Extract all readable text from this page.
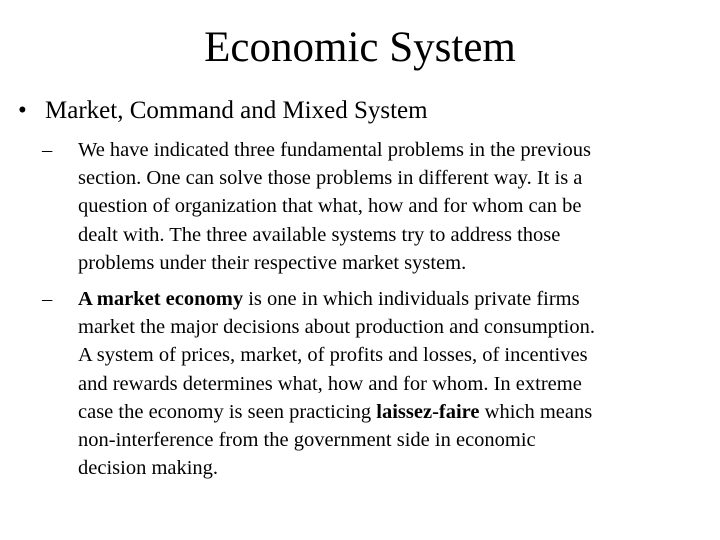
Economic System
• Market, Command and Mixed System
– We have indicated three fundamental problems in the previous
section. One can solve those problems in different way. It is a
question of organization that what, how and for whom can be
dealt with. The three available systems try to address those
problems under their respective market system.
– A market economy is one in which individuals private firms
market the major decisions about production and consumption.
A system of prices, market, of profits and losses, of incentives
and rewards determines what, how and for whom. In extreme
case the economy is seen practicing laissez-faire which means
non-interference from the government side in economic
decision making.
